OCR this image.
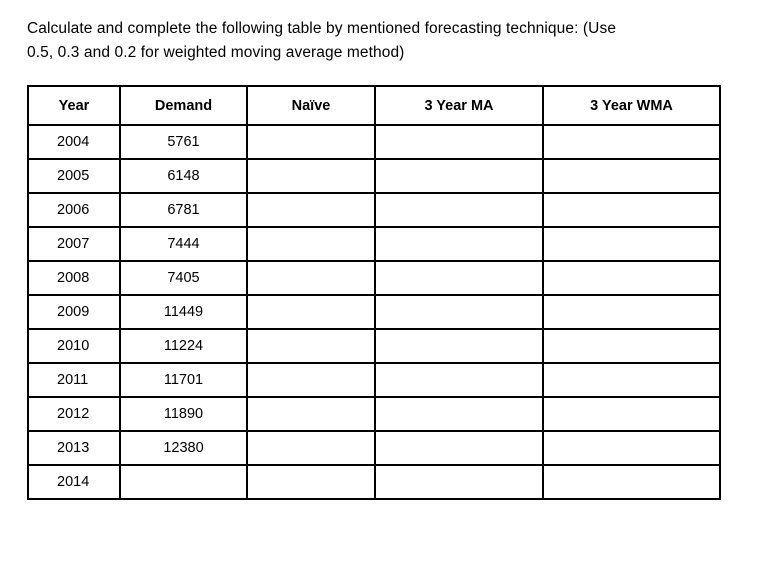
Calculate and complete the following table by mentioned forecasting technique: (Use

0.5, 0.3 and 0.2 for weighted moving average method)

Year	Demand	Naïve	3 Year MA	3 Year WMA
2004	5761			
2005	6148			
2006	6781			
2007	7444			
2008	7405			
2009	11449			
2010	11224			
2011	11701			
2012	11890			
2013	12380			
2014				
